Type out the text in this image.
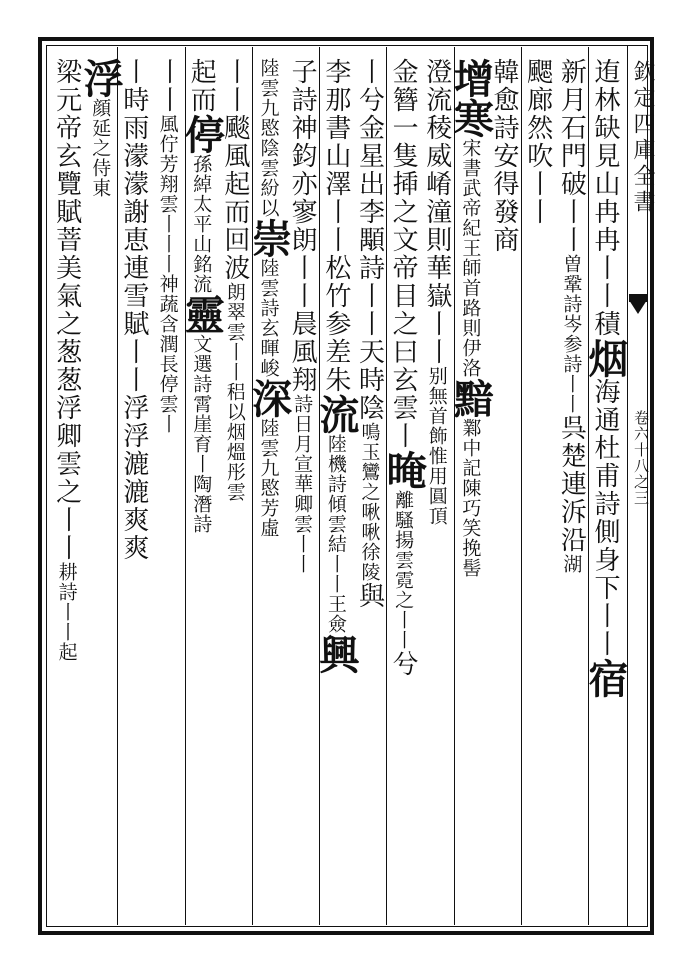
欽定四庫全書
卷六十八之三
迶林缺見山冉冉丨丨積烟海通杜甫詩側身下丨丨宿
新月石門破丨丨曽鞏詩岑参詩丨丨呉楚連泝沿湖
颸廊然吹丨丨
韓愈詩安得發商
增寒宋書武帝紀王師首路則伊洛黯鄴中記陳巧笑挽髻
澄流稜威崤潼則華嶽丨丨别無首飾惟用圓頂
金簪一隻揷之文帝目之曰玄雲丨晻離騷揚雲霓之丨丨兮
丨兮金星出李顒詩丨丨天時陰鳴玉鸞之啾啾徐陵與
李那書山澤丨丨松竹参差朱流陸機詩傾雲結丨丨王僉興
子詩神鈞亦寥朗丨丨晨風翔詩日月宣華卿雲丨丨
陸雲九愍陰雲紛以崇陸雲詩玄暉峻深陸雲九愍芳虛
丨丨颷風起而回波朗翠雲丨丨稆以烟熅彤雲
起而停孫綽太平山銘流靈文選詩霄崖育丨陶潛詩
丨丨風佇芳翔雲丨丨丨神蔬含潤長停雲丨
丨時雨濛濛謝恵連雪賦丨丨浮浮漉漉爽爽
浮顔延之侍東
梁元帝玄覽賦萻美氣之葱葱浮卿雲之丨丨耕詩丨丨起
